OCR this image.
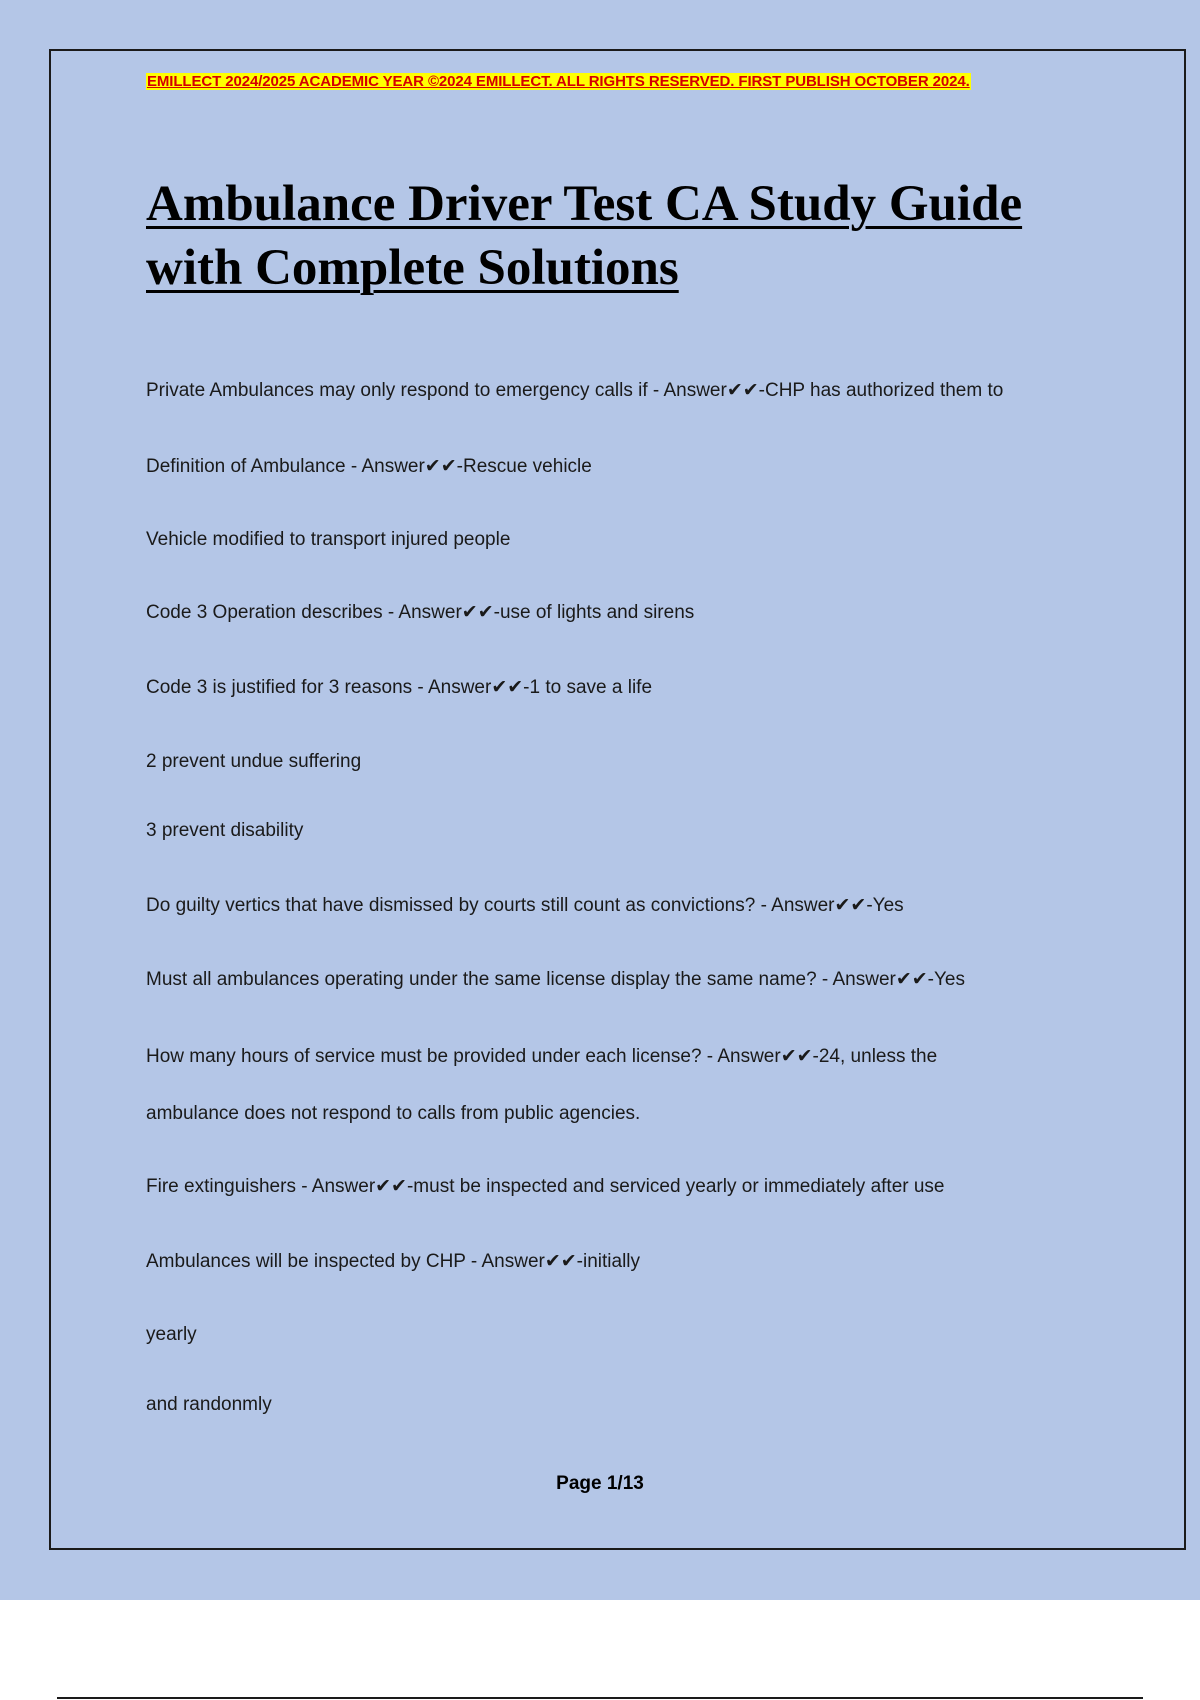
EMILLECT 2024/2025 ACADEMIC YEAR ©2024 EMILLECT. ALL RIGHTS RESERVED. FIRST PUBLISH OCTOBER 2024.
Ambulance Driver Test CA Study Guide with Complete Solutions

Private Ambulances may only respond to emergency calls if - Answer✔✔-CHP has authorized them to

Definition of Ambulance - Answer✔✔-Rescue vehicle

Vehicle modified to transport injured people

Code 3 Operation describes - Answer✔✔-use of lights and sirens

Code 3 is justified for 3 reasons - Answer✔✔-1 to save a life

2 prevent undue suffering

3 prevent disability

Do guilty vertics that have dismissed by courts still count as convictions? - Answer✔✔-Yes

Must all ambulances operating under the same license display the same name? - Answer✔✔-Yes

How many hours of service must be provided under each license? - Answer✔✔-24, unless the

ambulance does not respond to calls from public agencies.

Fire extinguishers - Answer✔✔-must be inspected and serviced yearly or immediately after use

Ambulances will be inspected by CHP - Answer✔✔-initially

yearly

and randonmly

Page 1/13
